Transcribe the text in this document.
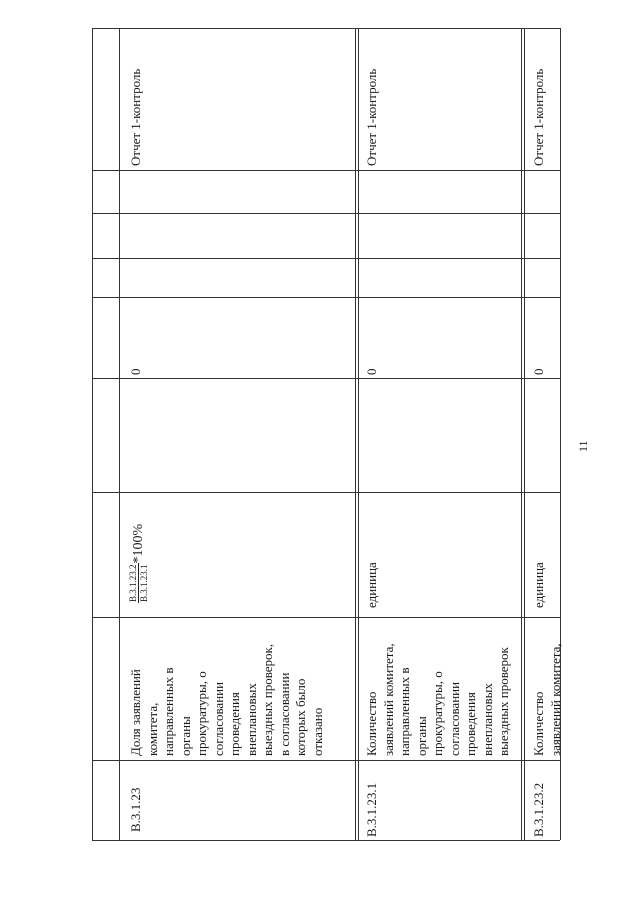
В.3.1.23
Доля заявлений комитета, направленных в органы прокуратуры, о согласовании проведения внеплановых выездных проверок, в согласовании которых было отказано
В.3.1.23.2 В.3.1.23.1
*100%
0
Отчет 1-контроль
В.3.1.23.1
Количество заявлений комитета, направленных в органы прокуратуры, о согласовании проведения внеплановых выездных проверок
единица
0
Отчет 1-контроль
В.3.1.23.2
Количество заявлений комитета,
единица
0
Отчет 1-контроль
11
